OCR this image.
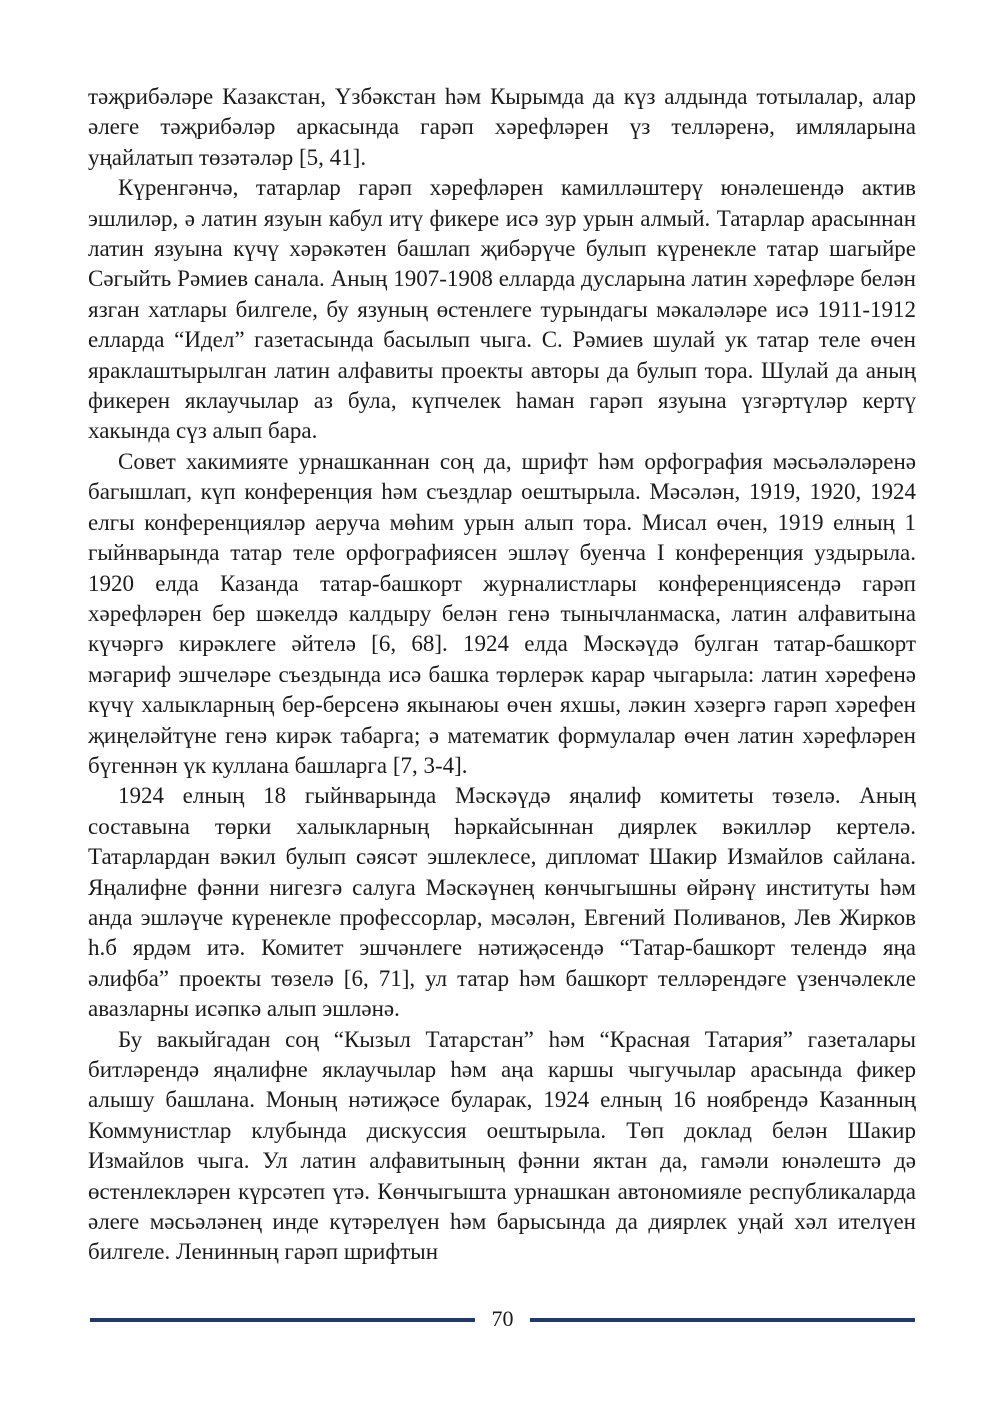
тәҗрибәләре Казакстан, Үзбәкстан һәм Кырымда да күз алдында тотылалар, алар әлеге тәҗрибәләр аркасында гарәп хәрефләрен үз телләренә, имляларына уңайлатып төзәтәләр [5, 41].

Күренгәнчә, татарлар гарәп хәрефләрен камилләштерү юнәлешендә актив эшлиләр, ә латин язуын кабул итү фикере исә зур урын алмый. Татарлар арасыннан латин язуына күчү хәрәкәтен башлап җибәрүче булып күренекле татар шагыйре Сәгыйть Рәмиев санала. Аның 1907-1908 елларда дусларына латин хәрефләре белән язган хатлары билгеле, бу язуның өстенлеге турындагы мәкаләләре исә 1911-1912 елларда “Идел” газетасында басылып чыга. С. Рәмиев шулай ук татар теле өчен яраклаштырылган латин алфавиты проекты авторы да булып тора. Шулай да аның фикерен яклаучылар аз була, күпчелек һаман гарәп язуына үзгәртүләр кертү хакында сүз алып бара.

Совет хакимияте урнашканнан соң да, шрифт һәм орфография мәсьәләләренә багышлап, күп конференция һәм съездлар оештырыла. Мәсәлән, 1919, 1920, 1924 елгы конференцияләр аеруча мөһим урын алып тора. Мисал өчен, 1919 елның 1 гыйнварында татар теле орфографиясен эшләү буенча I конференция уздырыла. 1920 елда Казанда татар-башкорт журналистлары конференциясендә гарәп хәрефләрен бер шәкелдә калдыру белән генә тынычланмаска, латин алфавитына күчәргә кирәклеге әйтелә [6, 68]. 1924 елда Мәскәүдә булган татар-башкорт мәгариф эшчеләре съездында исә башка төрлерәк карар чыгарыла: латин хәрефенә күчү халыкларның бер-берсенә якынаюы өчен яхшы, ләкин хәзергә гарәп хәрефен җиңеләйтүне генә кирәк табарга; ә математик формулалар өчен латин хәрефләрен бүгеннән үк куллана башларга [7, 3-4].

1924 елның 18 гыйнварында Мәскәүдә яңалиф комитеты төзелә. Аның составына төрки халыкларның һәркайсыннан диярлек вәкилләр кертелә. Татарлардан вәкил булып сәясәт эшлеклесе, дипломат Шакир Измайлов сайлана. Яңалифне фәнни нигезгә салуга Мәскәүнең көнчыгышны өйрәнү институты һәм анда эшләүче күренекле профессорлар, мәсәлән, Евгений Поливанов, Лев Жирков һ.б ярдәм итә. Комитет эшчәнлеге нәтиҗәсендә “Татар-башкорт телендә яңа әлифба” проекты төзелә [6, 71], ул татар һәм башкорт телләрендәге үзенчәлекле авазларны исәпкә алып эшләнә.

Бу вакыйгадан соң “Кызыл Татарстан” һәм “Красная Татария” газеталары битләрендә яңалифне яклаучылар һәм аңа каршы чыгучылар арасында фикер алышу башлана. Моның нәтиҗәсе буларак, 1924 елның 16 ноябрендә Казанның Коммунистлар клубында дискуссия оештырыла. Төп доклад белән Шакир Измайлов чыга. Ул латин алфавитының фәнни яктан да, гамәли юнәлештә дә өстенлекләрен күрсәтеп үтә. Көнчыгышта урнашкан автономияле республикаларда әлеге мәсьәләнең инде күтәрелүен һәм барысында да диярлек уңай хәл ителүен билгеле. Ленинның гарәп шрифтын

70
